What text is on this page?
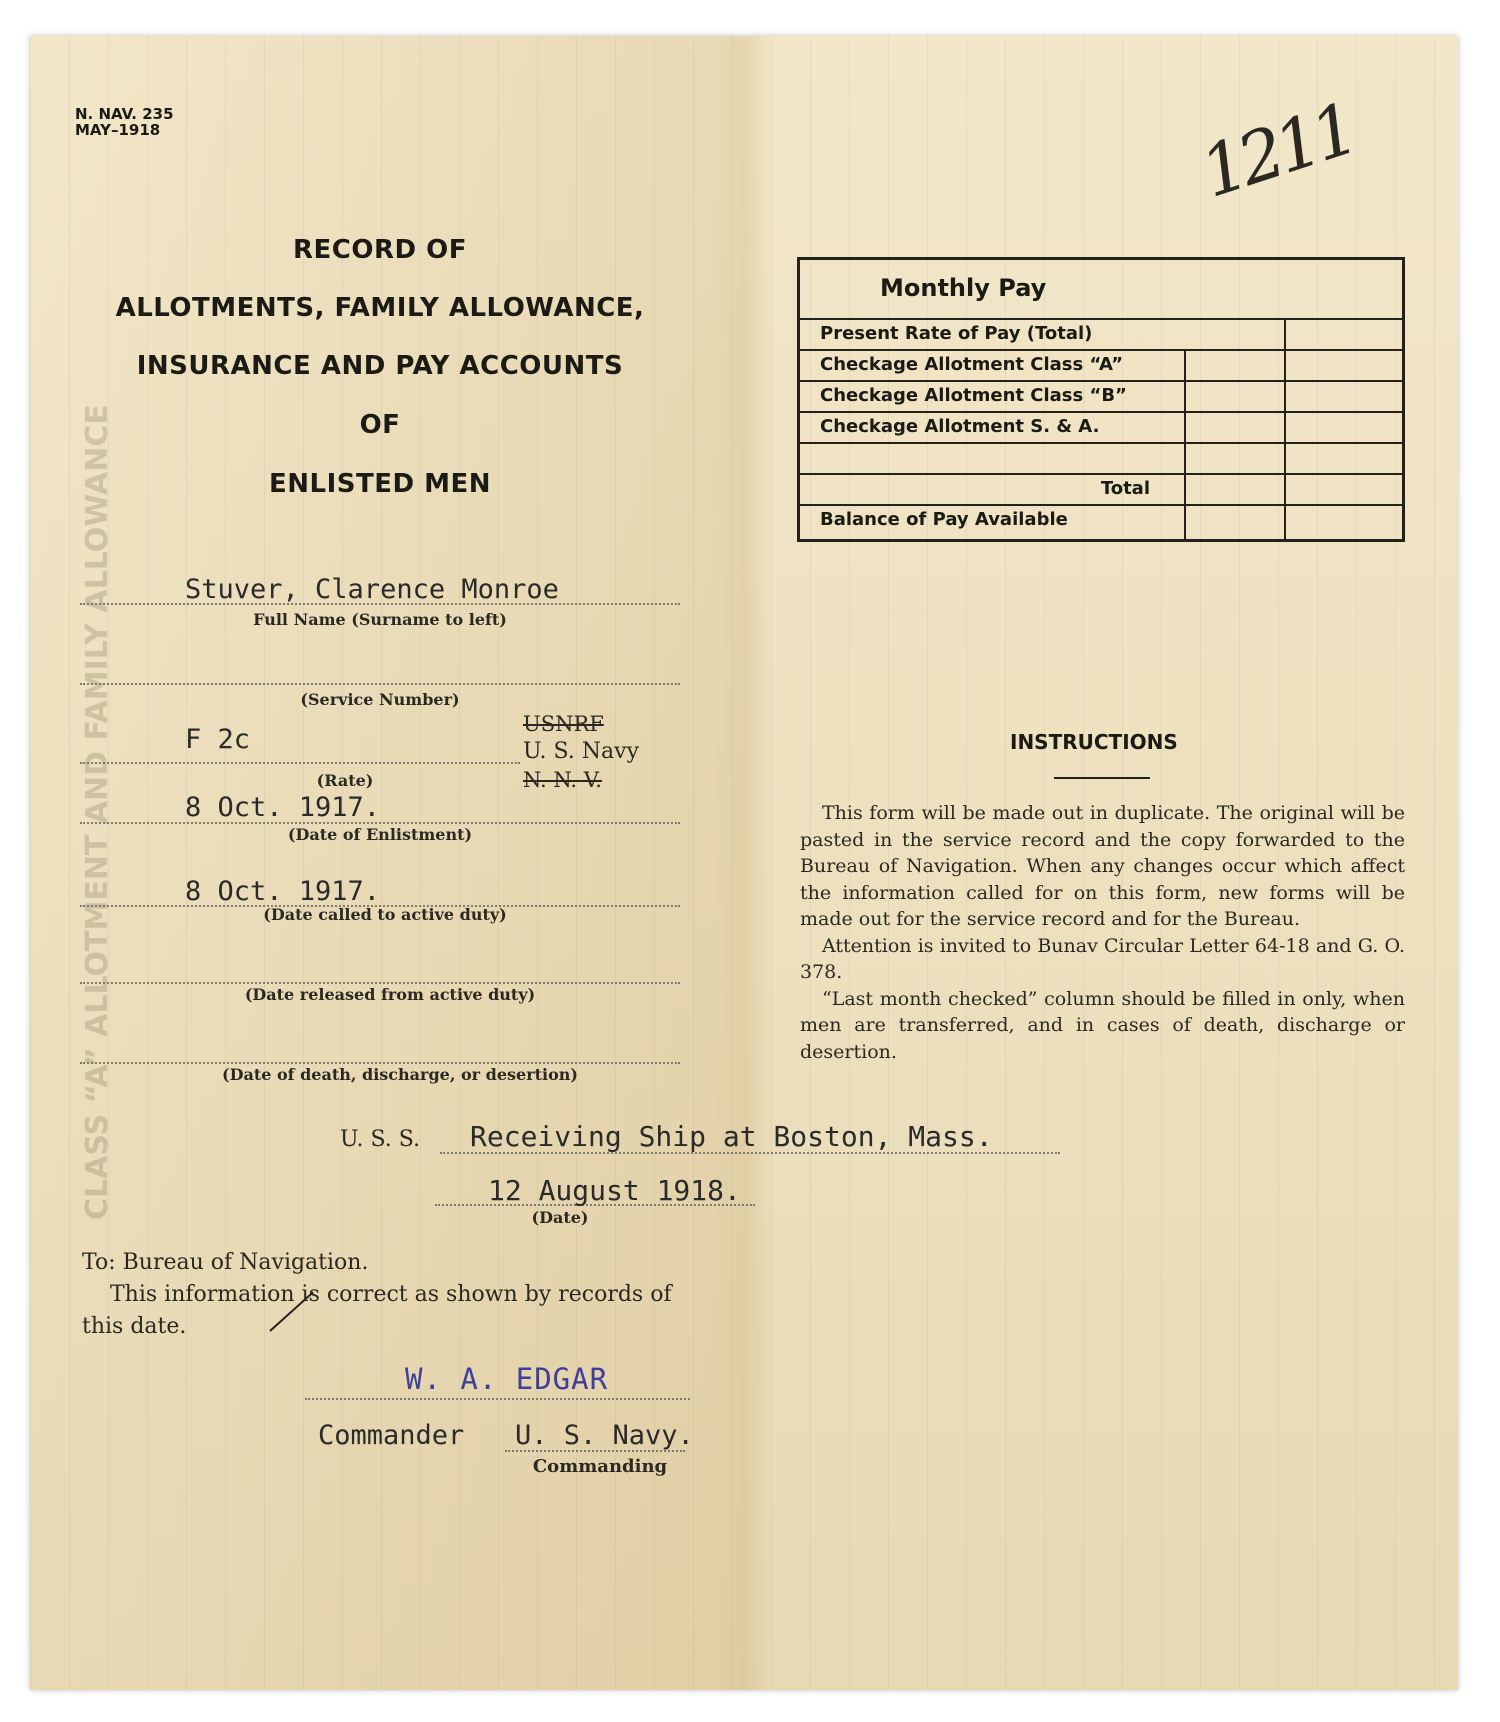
CLASS “A” ALLOTMENT AND FAMILY ALLOWANCE
N. NAV. 235
MAY–1918	1211
RECORD OF
ALLOTMENTS, FAMILY ALLOWANCE,
INSURANCE AND PAY ACCOUNTS
OF
ENLISTED MEN
Stuver, Clarence Monroe
Full Name (Surname to left)
(Service Number)
F 2c
(Rate)
USNRF
U. S. Navy
N. N. V.
8 Oct. 1917.
(Date of Enlistment)
8 Oct. 1917.
(Date called to active duty)
(Date released from active duty)
(Date of death, discharge, or desertion)
Monthly Pay
Present Rate of Pay (Total)
Checkage Allotment Class “A”
Checkage Allotment Class “B”
Checkage Allotment S. & A.
Total
Balance of Pay Available
INSTRUCTIONS

This form will be made out in duplicate. The original will be pasted in the service record and the copy forwarded to the Bureau of Navigation. When any changes occur which affect the information called for on this form, new forms will be made out for the service record and for the Bureau.

Attention is invited to Bunav Circular Letter 64-18 and G. O. 378.

“Last month checked” column should be filled in only, when men are transferred, and in cases of death, discharge or desertion.

U. S. S. Receiving Ship at Boston, Mass.
12 August 1918.
(Date)
To: Bureau of Navigation.
This information is correct as shown by records of
this date.
W. A. EDGAR
Commander U. S. Navy.
Commanding
